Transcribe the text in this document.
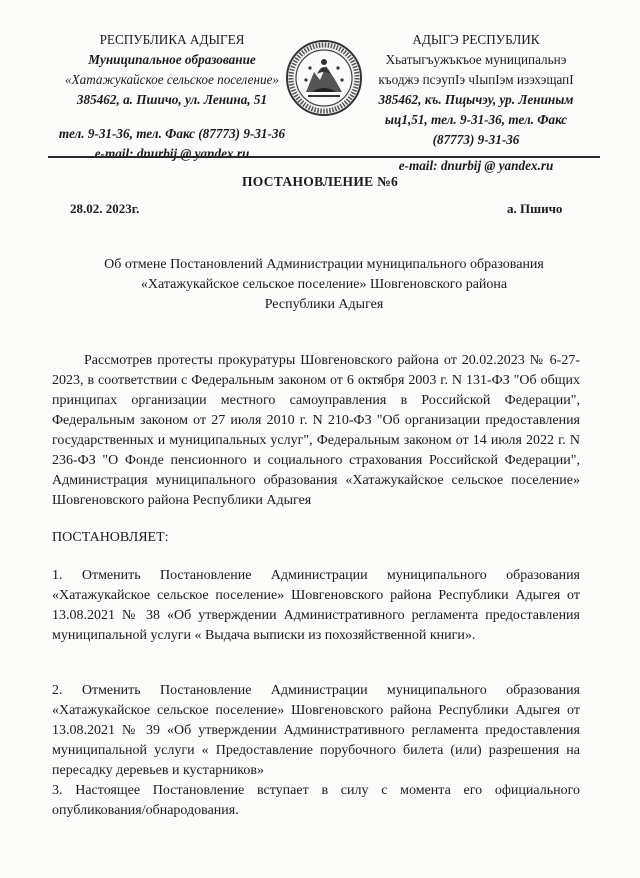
РЕСПУБЛИКА АДЫГЕЯ
Муниципальное образование
«Хатажукайское сельское поселение»
385462, а. Пшичо, ул. Ленина, 51
тел. 9-31-36, тел. Факс (87773) 9-31-36
e-mail: dnurbij @ yandex.ru
АДЫГЭ РЕСПУБЛИК
Хьатыгъужъкъое муниципальнэ
къоджэ псэупІэ чІыпІэм изэхэщапІ
385462, къ. Пщычэу, ур. Лениным
ыц1,51, тел. 9-31-36, тел. Факс
(87773) 9-31-36
e-mail: dnurbij @ yandex.ru
ПОСТАНОВЛЕНИЕ №6
28.02. 2023г.	а. Пшичо
Об отмене Постановлений Администрации муниципального образования
«Хатажукайское сельское поселение» Шовгеновского района
Республики Адыгея
Рассмотрев протесты прокуратуры Шовгеновского района от 20.02.2023 № 6-27-2023, в соответствии с Федеральным законом от 6 октября 2003 г. N 131-ФЗ "Об общих принципах организации местного самоуправления в Российской Федерации", Федеральным законом от 27 июля 2010 г. N 210-ФЗ "Об организации предоставления государственных и муниципальных услуг", Федеральным законом от 14 июля 2022 г. N 236-ФЗ "О Фонде пенсионного и социального страхования Российской Федерации", Администрация муниципального образования «Хатажукайское сельское поселение» Шовгеновского района Республики Адыгея
ПОСТАНОВЛЯЕТ:
1. Отменить Постановление Администрации муниципального образования «Хатажукайское сельское поселение» Шовгеновского района Республики Адыгея от 13.08.2021 № 38 «Об утверждении Административного регламента предоставления муниципальной услуги « Выдача выписки из похозяйственной книги».
2. Отменить Постановление Администрации муниципального образования «Хатажукайское сельское поселение» Шовгеновского района Республики Адыгея от 13.08.2021 № 39 «Об утверждении Административного регламента предоставления муниципальной услуги « Предоставление порубочного билета (или) разрешения на пересадку деревьев и кустарников»
3. Настоящее Постановление вступает в силу с момента его официального опубликования/обнародования.
